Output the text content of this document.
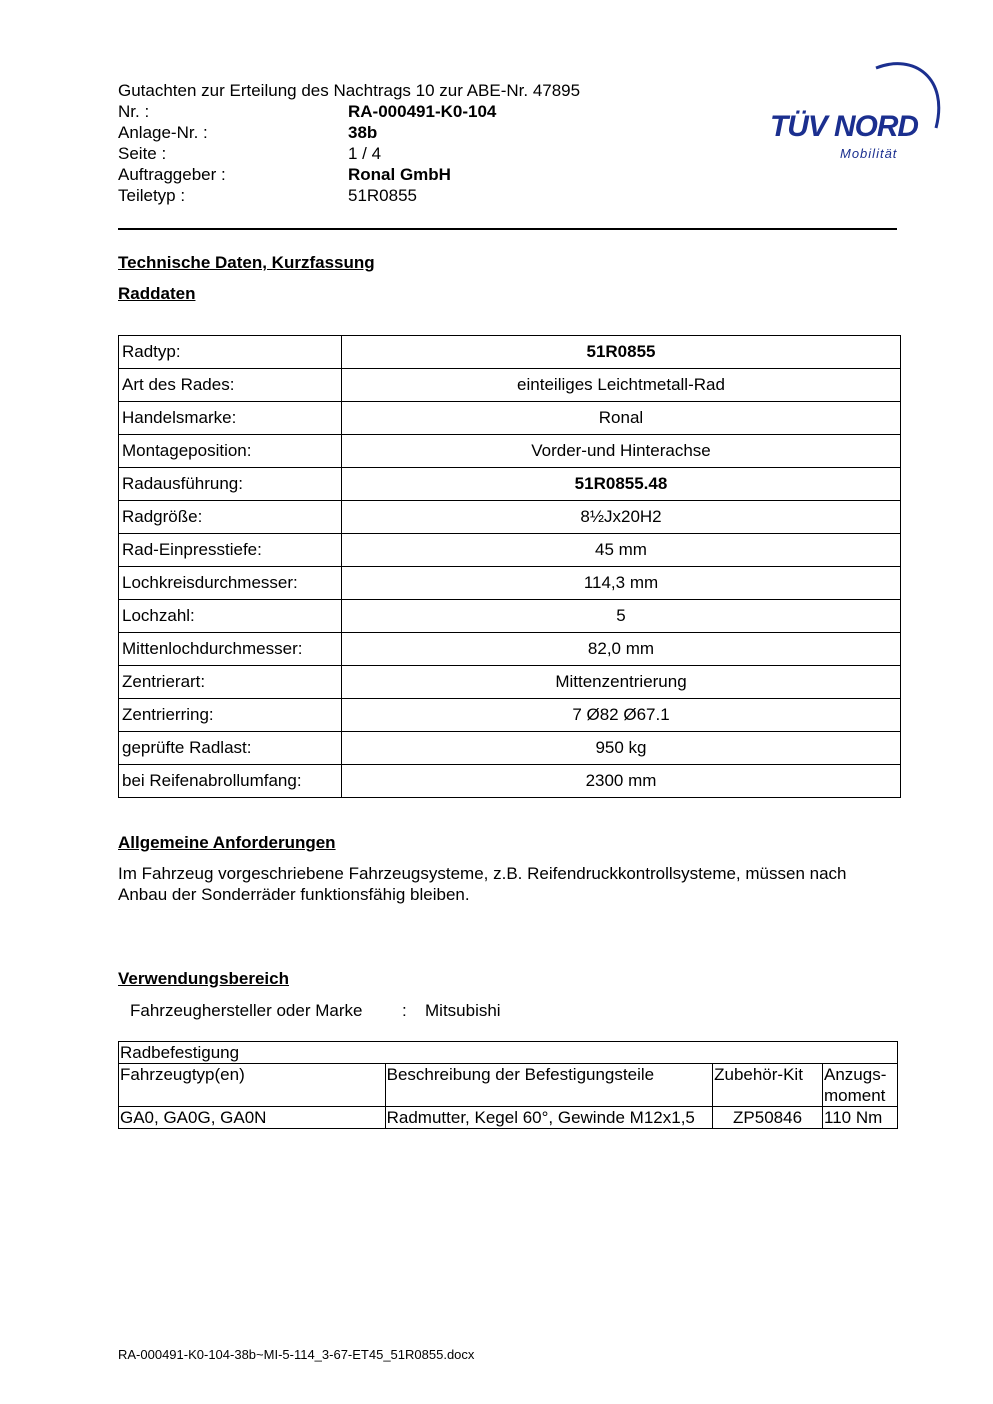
Gutachten zur Erteilung des Nachtrags 10 zur ABE-Nr. 47895
Nr. :	RA-000491-K0-104
Anlage-Nr. :	38b
Seite :	1 / 4
Auftraggeber :	Ronal GmbH
Teiletyp :	51R0855
TÜV NORD
Mobilität
Technische Daten, Kurzfassung
Raddaten
Radtyp:	51R0855
Art des Rades:	einteiliges Leichtmetall-Rad
Handelsmarke:	Ronal
Montageposition:	Vorder-und Hinterachse
Radausführung:	51R0855.48
Radgröße:	8½Jx20H2
Rad-Einpresstiefe:	45 mm
Lochkreisdurchmesser:	114,3 mm
Lochzahl:	5
Mittenlochdurchmesser:	82,0 mm
Zentrierart:	Mittenzentrierung
Zentrierring:	7 Ø82 Ø67.1
geprüfte Radlast:	950 kg
bei Reifenabrollumfang:	2300 mm
Allgemeine Anforderungen
Im Fahrzeug vorgeschriebene Fahrzeugsysteme, z.B. Reifendruckkontrollsysteme, müssen nach Anbau der Sonderräder funktionsfähig bleiben.
Verwendungsbereich
Fahrzeughersteller oder Marke : Mitsubishi
Radbefestigung			
Fahrzeugtyp(en)	Beschreibung der Befestigungsteile	Zubehör-Kit	Anzugs-
moment
GA0, GA0G, GA0N	Radmutter, Kegel 60°, Gewinde M12x1,5	ZP50846	110 Nm
RA-000491-K0-104-38b~MI-5-114_3-67-ET45_51R0855.docx
